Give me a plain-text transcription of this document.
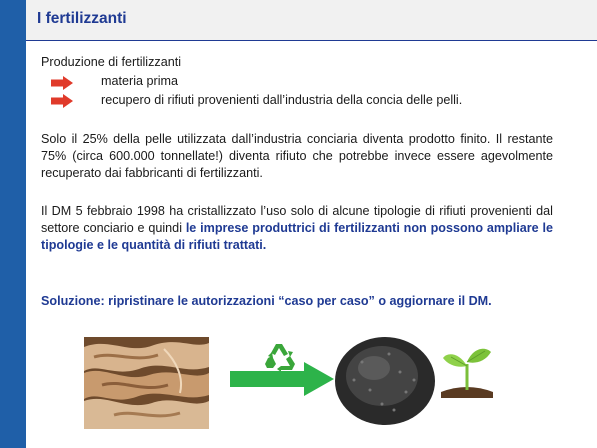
I fertilizzanti
Produzione di fertilizzanti
materia prima
recupero di rifiuti provenienti dall’industria della concia delle pelli.
Solo il 25% della pelle utilizzata dall’industria conciaria diventa prodotto finito. Il restante 75% (circa 600.000 tonnellate!) diventa rifiuto che potrebbe invece essere agevolmente recuperato dai fabbricanti di fertilizzanti.
Il DM 5 febbraio 1998 ha cristallizzato l’uso solo di alcune tipologie di rifiuti provenienti dal settore conciario e quindi le imprese produttrici di fertilizzanti non possono ampliare le tipologie e le quantità di rifiuti trattati.
Soluzione: ripristinare le autorizzazioni “caso per caso” o aggiornare il DM.
